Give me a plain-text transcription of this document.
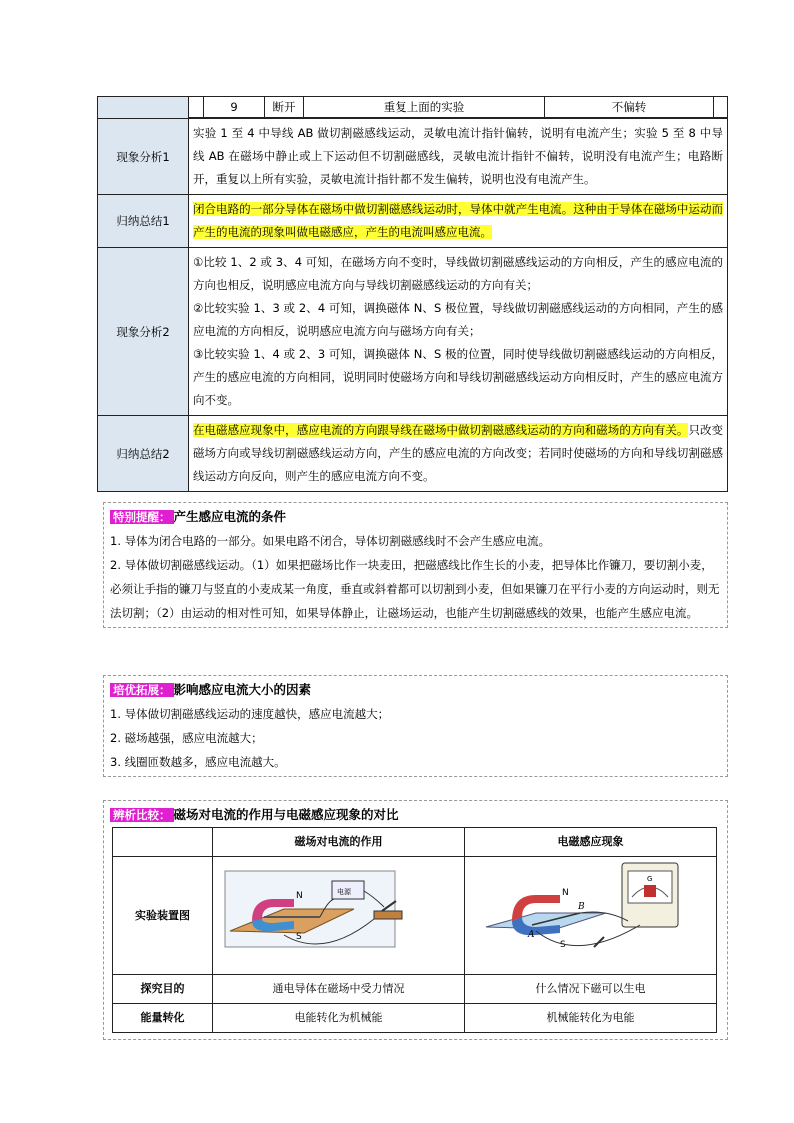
	9	断开	重复上面的实验	不偏转	

现象分析1	实验 1 至 4 中导线 AB 做切割磁感线运动，灵敏电流计指针偏转，说明有电流产生；实验 5 至 8 中导线 AB 在磁场中静止或上下运动但不切割磁感线，灵敏电流计指针不偏转，说明没有电流产生；电路断开，重复以上所有实验，灵敏电流计指针都不发生偏转，说明也没有电流产生。
归纳总结1	闭合电路的一部分导体在磁场中做切割磁感线运动时，导体中就产生电流。这种由于导体在磁场中运动而产生的电流的现象叫做电磁感应，产生的电流叫感应电流。
现象分析2	①比较 1、2 或 3、4 可知，在磁场方向不变时，导线做切割磁感线运动的方向相反，产生的感应电流的方向也相反，说明感应电流方向与导线切割磁感线运动的方向有关；
②比较实验 1、3 或 2、4 可知，调换磁体 N、S 极位置，导线做切割磁感线运动的方向相同，产生的感应电流的方向相反，说明感应电流方向与磁场方向有关；
③比较实验 1、4 或 2、3 可知，调换磁体 N、S 极的位置，同时使导线做切割磁感线运动的方向相反，产生的感应电流的方向相同，说明同时使磁场方向和导线切割磁感线运动方向相反时，产生的感应电流方向不变。
归纳总结2	在电磁感应现象中，感应电流的方向跟导线在磁场中做切割磁感线运动的方向和磁场的方向有关。只改变磁场方向或导线切割磁感线运动方向，产生的感应电流的方向改变；若同时使磁场的方向和导线切割磁感线运动方向反向，则产生的感应电流方向不变。
特别提醒： 产生感应电流的条件
1. 导体为闭合电路的一部分。如果电路不闭合，导体切割磁感线时不会产生感应电流。
2. 导体做切割磁感线运动。（1）如果把磁场比作一块麦田，把磁感线比作生长的小麦，把导体比作镰刀，要切割小麦，必须让手指的镰刀与竖直的小麦成某一角度，垂直或斜着都可以切割到小麦，但如果镰刀在平行小麦的方向运动时，则无法切割；（2）由运动的相对性可知，如果导体静止，让磁场运动，也能产生切割磁感线的效果，也能产生感应电流。
培优拓展： 影响感应电流大小的因素
1. 导体做切割磁感线运动的速度越快，感应电流越大；
2. 磁场越强，感应电流越大；
3. 线圈匝数越多，感应电流越大。
辨析比较： 磁场对电流的作用与电磁感应现象的对比
	磁场对电流的作用	电磁感应现象
实验装置图	N
S
电源	N
S
B
A
G

探究目的	通电导体在磁场中受力情况	什么情况下磁可以生电
能量转化	电能转化为机械能	机械能转化为电能
